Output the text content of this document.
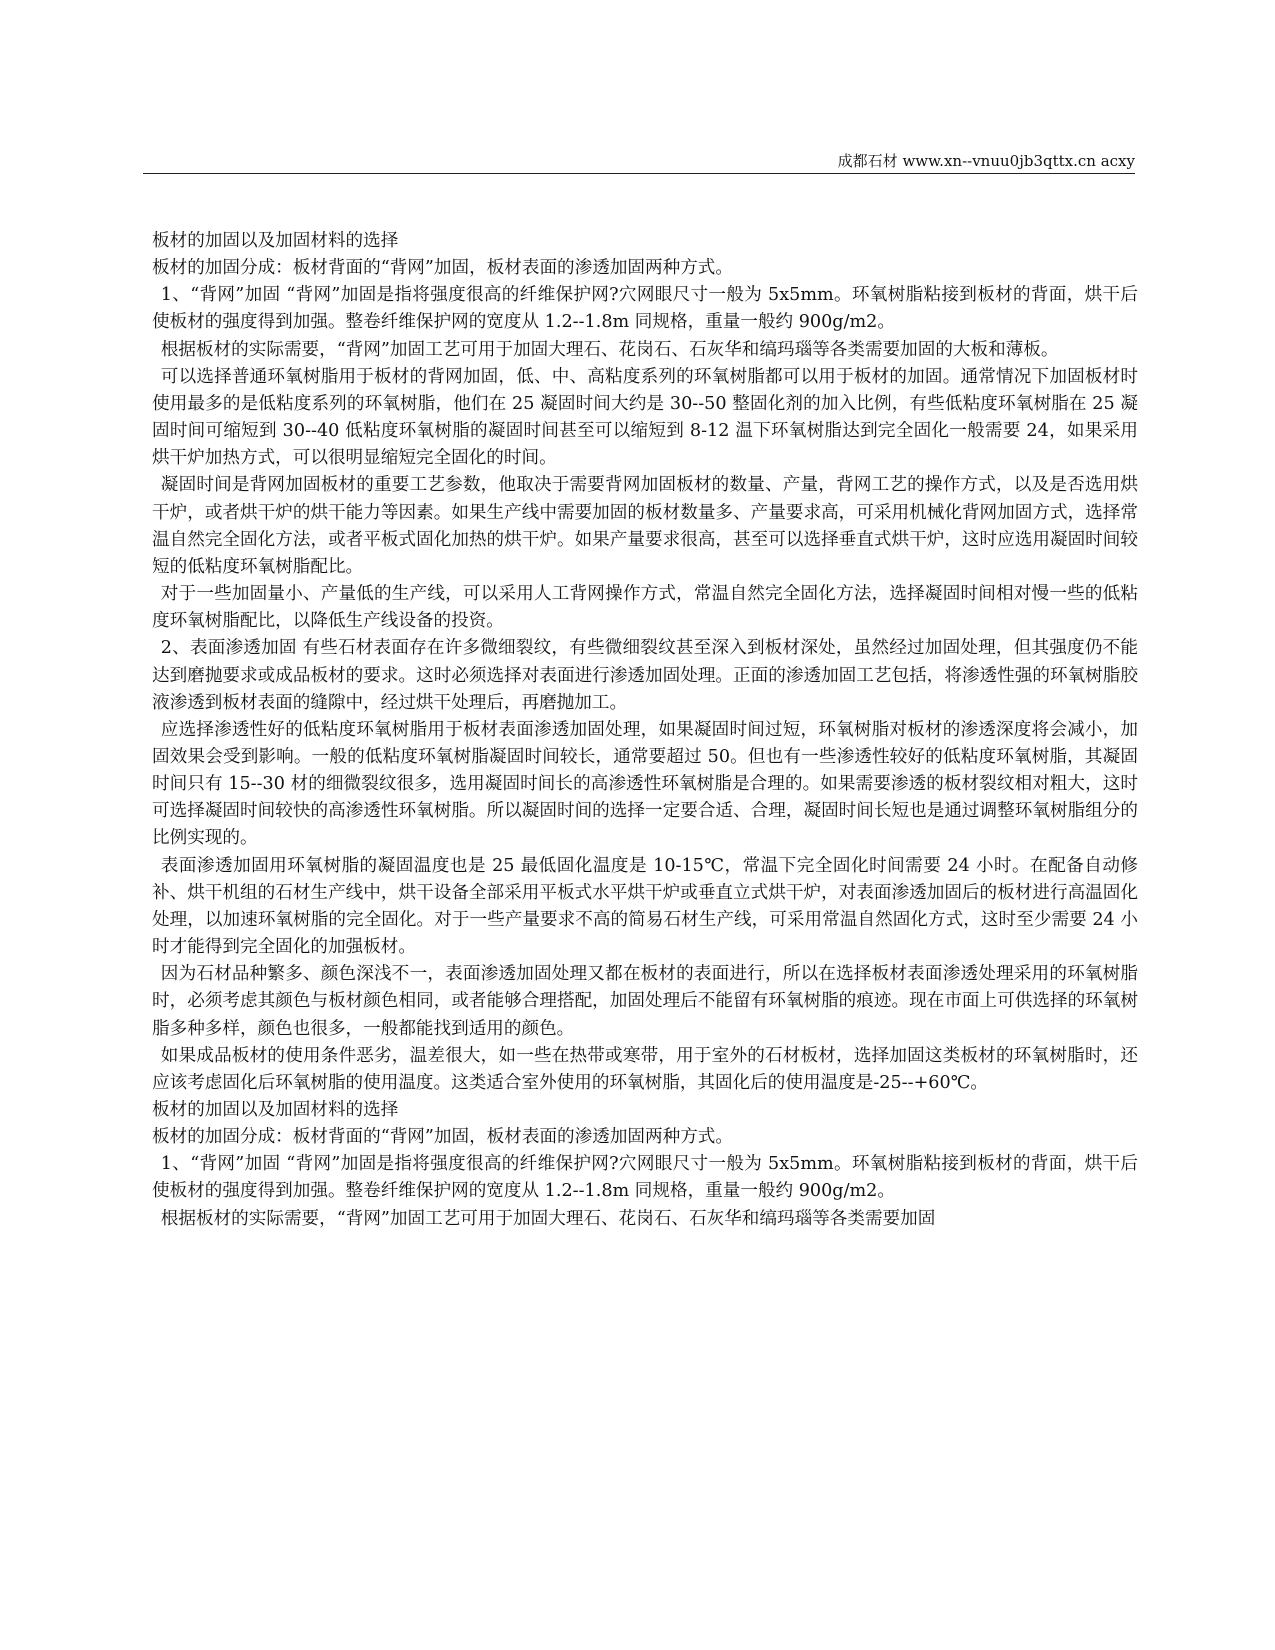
成都石材 www.xn--vnuu0jb3qttx.cn acxy

板材的加固以及加固材料的选择

板材的加固分成：板材背面的“背网”加固，板材表面的渗透加固两种方式。

1、“背网”加固 “背网”加固是指将强度很高的纤维保护网?穴网眼尺寸一般为 5x5mm。环氧树脂粘接到板材的背面，烘干后使板材的强度得到加强。整卷纤维保护网的宽度从 1.2--1.8m 同规格，重量一般约 900g/m2。

根据板材的实际需要，“背网”加固工艺可用于加固大理石、花岗石、石灰华和缟玛瑙等各类需要加固的大板和薄板。

可以选择普通环氧树脂用于板材的背网加固，低、中、高粘度系列的环氧树脂都可以用于板材的加固。通常情况下加固板材时使用最多的是低粘度系列的环氧树脂，他们在 25 凝固时间大约是 30--50 整固化剂的加入比例，有些低粘度环氧树脂在 25 凝固时间可缩短到 30--40 低粘度环氧树脂的凝固时间甚至可以缩短到 8-12 温下环氧树脂达到完全固化一般需要 24，如果采用烘干炉加热方式，可以很明显缩短完全固化的时间。

凝固时间是背网加固板材的重要工艺参数，他取决于需要背网加固板材的数量、产量，背网工艺的操作方式，以及是否选用烘干炉，或者烘干炉的烘干能力等因素。如果生产线中需要加固的板材数量多、产量要求高，可采用机械化背网加固方式，选择常温自然完全固化方法，或者平板式固化加热的烘干炉。如果产量要求很高，甚至可以选择垂直式烘干炉，这时应选用凝固时间较短的低粘度环氧树脂配比。

对于一些加固量小、产量低的生产线，可以采用人工背网操作方式，常温自然完全固化方法，选择凝固时间相对慢一些的低粘度环氧树脂配比，以降低生产线设备的投资。

2、表面渗透加固 有些石材表面存在许多微细裂纹，有些微细裂纹甚至深入到板材深处，虽然经过加固处理，但其强度仍不能达到磨抛要求或成品板材的要求。这时必须选择对表面进行渗透加固处理。正面的渗透加固工艺包括，将渗透性强的环氧树脂胶液渗透到板材表面的缝隙中，经过烘干处理后，再磨抛加工。

应选择渗透性好的低粘度环氧树脂用于板材表面渗透加固处理，如果凝固时间过短，环氧树脂对板材的渗透深度将会减小，加固效果会受到影响。一般的低粘度环氧树脂凝固时间较长，通常要超过 50。但也有一些渗透性较好的低粘度环氧树脂，其凝固时间只有 15--30 材的细微裂纹很多，选用凝固时间长的高渗透性环氧树脂是合理的。如果需要渗透的板材裂纹相对粗大，这时可选择凝固时间较快的高渗透性环氧树脂。所以凝固时间的选择一定要合适、合理，凝固时间长短也是通过调整环氧树脂组分的比例实现的。

表面渗透加固用环氧树脂的凝固温度也是 25 最低固化温度是 10-15℃，常温下完全固化时间需要 24 小时。在配备自动修补、烘干机组的石材生产线中，烘干设备全部采用平板式水平烘干炉或垂直立式烘干炉，对表面渗透加固后的板材进行高温固化处理，以加速环氧树脂的完全固化。对于一些产量要求不高的简易石材生产线，可采用常温自然固化方式，这时至少需要 24 小时才能得到完全固化的加强板材。

因为石材品种繁多、颜色深浅不一，表面渗透加固处理又都在板材的表面进行，所以在选择板材表面渗透处理采用的环氧树脂时，必须考虑其颜色与板材颜色相同，或者能够合理搭配，加固处理后不能留有环氧树脂的痕迹。现在市面上可供选择的环氧树脂多种多样，颜色也很多，一般都能找到适用的颜色。

如果成品板材的使用条件恶劣，温差很大，如一些在热带或寒带，用于室外的石材板材，选择加固这类板材的环氧树脂时，还应该考虑固化后环氧树脂的使用温度。这类适合室外使用的环氧树脂，其固化后的使用温度是-25--+60℃。

板材的加固以及加固材料的选择

板材的加固分成：板材背面的“背网”加固，板材表面的渗透加固两种方式。

1、“背网”加固 “背网”加固是指将强度很高的纤维保护网?穴网眼尺寸一般为 5x5mm。环氧树脂粘接到板材的背面，烘干后使板材的强度得到加强。整卷纤维保护网的宽度从 1.2--1.8m 同规格，重量一般约 900g/m2。

根据板材的实际需要，“背网”加固工艺可用于加固大理石、花岗石、石灰华和缟玛瑙等各类需要加固
